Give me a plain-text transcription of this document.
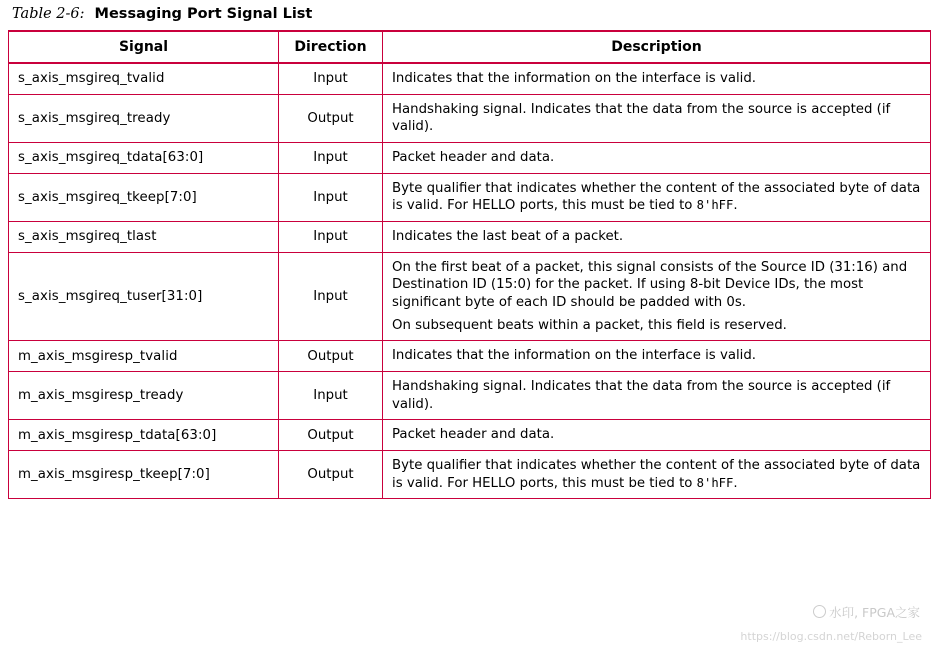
Table 2-6: Messaging Port Signal List
Signal	Direction	Description
s_axis_msgireq_tvalid	Input	Indicates that the information on the interface is valid.

s_axis_msgireq_tready	Output	Handshaking signal. Indicates that the data from the source is accepted (if valid).

s_axis_msgireq_tdata[63:0]	Input	Packet header and data.

s_axis_msgireq_tkeep[7:0]	Input	Byte qualifier that indicates whether the content of the associated byte of data is valid. For HELLO ports, this must be tied to 8'hFF.

s_axis_msgireq_tlast	Input	Indicates the last beat of a packet.

s_axis_msgireq_tuser[31:0]	Input	On the first beat of a packet, this signal consists of the Source ID (31:16) and Destination ID (15:0) for the packet. If using 8-bit Device IDs, the most significant byte of each ID should be padded with 0s.

On subsequent beats within a packet, this field is reserved.

m_axis_msgiresp_tvalid	Output	Indicates that the information on the interface is valid.

m_axis_msgiresp_tready	Input	Handshaking signal. Indicates that the data from the source is accepted (if valid).

m_axis_msgiresp_tdata[63:0]	Output	Packet header and data.

m_axis_msgiresp_tkeep[7:0]	Output	Byte qualifier that indicates whether the content of the associated byte of data is valid. For HELLO ports, this must be tied to 8'hFF.

水印, FPGA之家
https://blog.csdn.net/Reborn_Lee
